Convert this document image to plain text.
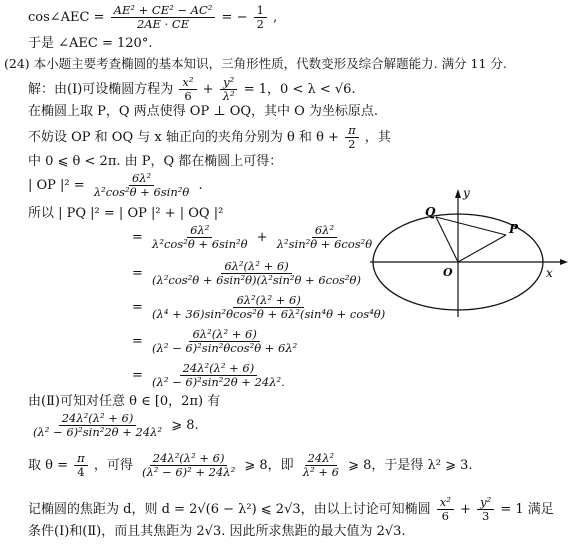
cos∠AEC = $\frac{\text{AE² + CE² − AC²}}{2AE \cdot CE}$ = − $\frac{1}{2}$ ,
于是 ∠AEC = 120°.
(24) 本小题主要考查椭圆的基本知识，三角形性质，代数变形及综合解题能力. 满分 11 分.
解：由(Ⅰ)可设椭圆方程为 $\frac{\text{x²}}{6} + \frac{\text{y²}}{\text{λ²}} = 1$，0 < λ < √6.
在椭圆上取 P，Q 两点使得 OP ⊥ OQ，其中 O 为坐标原点.
不妨设 OP 和 OQ 与 x 轴正向的夹角分别为 θ 和 $\theta + \frac{\pi}{2}$ ，其
中 0 ⩽ θ < 2π. 由 P，Q 都在椭圆上可得：
| OP $|^2 = \frac{\text{6λ²}}{\text{λ²cos²θ + 6sin²θ}}$ .
所以 | PQ |² = | OP |² + | OQ |²
= $\frac{\text{6λ²}}{\text{λ²cos²θ + 6sin²θ}} + \frac{\text{6λ²}}{\text{λ²sin²θ + 6cos²θ}}$
= $\frac{\text{6λ²(λ² + 6)}}{\text{(λ²cos²θ + 6sin²θ)(λ²sin²θ + 6cos²θ)}}$
= $\frac{\text{6λ²(λ² + 6)}}{\text{(λ⁴ + 36)sin²θcos²θ + 6λ²(sin⁴θ + cos⁴θ)}}$
= $\frac{\text{6λ²(λ² + 6)}}{\text{(λ² − 6)²sin²θcos²θ + 6λ²}}$
= $\frac{\text{24λ²(λ² + 6)}}{\text{(λ² − 6)²sin²2θ + 24λ².}}$
由(Ⅱ)可知对任意 θ ∈ [0，2π) 有
$\frac{\text{24λ²(λ² + 6)}}{\text{(λ² − 6)²sin²2θ + 24λ²}}$ ⩾ 8.
取 $\theta = \frac{\pi}{4}$ ，可得 $\frac{\text{24λ²(λ² + 6)}}{\text{(λ² − 6)² + 24λ²}}$ ⩾ 8，即 $\frac{\text{24λ²}}{\text{λ² + 6}}$ ⩾ 8，于是得 λ² ⩾ 3.
记椭圆的焦距为 d，则 d = 2√(6 − λ²) ⩽ 2√3，由以上讨论可知椭圆 $\frac{\text{x²}}{6} + \frac{\text{y²}}{3} = 1$ 满足
条件(Ⅰ)和(Ⅱ)，而且其焦距为 2√3. 因此所求焦距的最大值为 2√3.
y
x
Q
P
O
